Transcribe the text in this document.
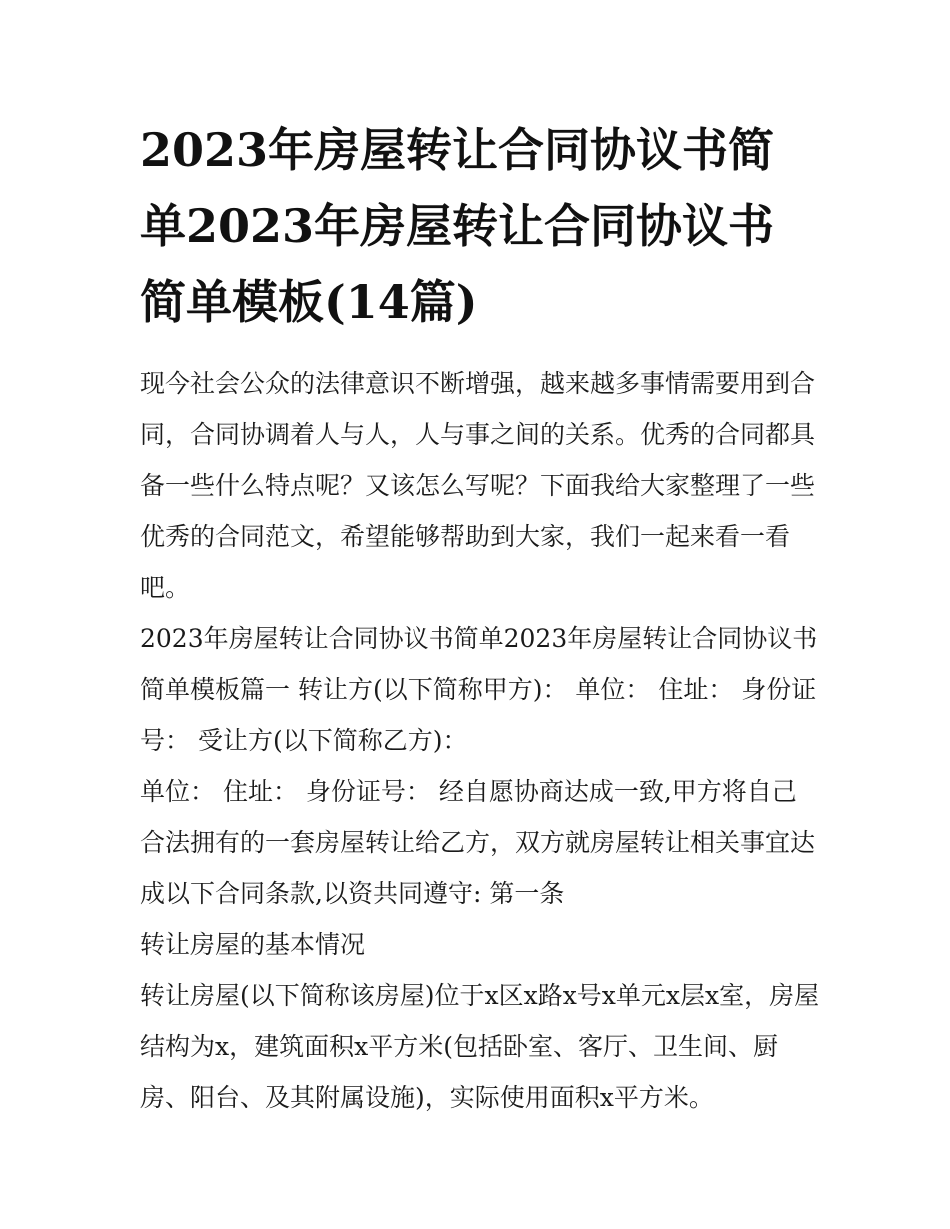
2023年房屋转让合同协议书简单2023年房屋转让合同协议书简单模板(14篇)

现今社会公众的法律意识不断增强，越来越多事情需要用到合同，合同协调着人与人，人与事之间的关系。优秀的合同都具备一些什么特点呢？又该怎么写呢？下面我给大家整理了一些优秀的合同范文，希望能够帮助到大家，我们一起来看一看吧。

2023年房屋转让合同协议书简单2023年房屋转让合同协议书简单模板篇一 转让方(以下简称甲方)： 单位： 住址： 身份证号： 受让方(以下简称乙方)：

单位： 住址： 身份证号： 经自愿协商达成一致,甲方将自己合法拥有的一套房屋转让给乙方，双方就房屋转让相关事宜达成以下合同条款,以资共同遵守: 第一条

转让房屋的基本情况

转让房屋(以下简称该房屋)位于x区x路x号x单元x层x室，房屋结构为x，建筑面积x平方米(包括卧室、客厅、卫生间、厨房、阳台、及其附属设施)，实际使用面积x平方米。
